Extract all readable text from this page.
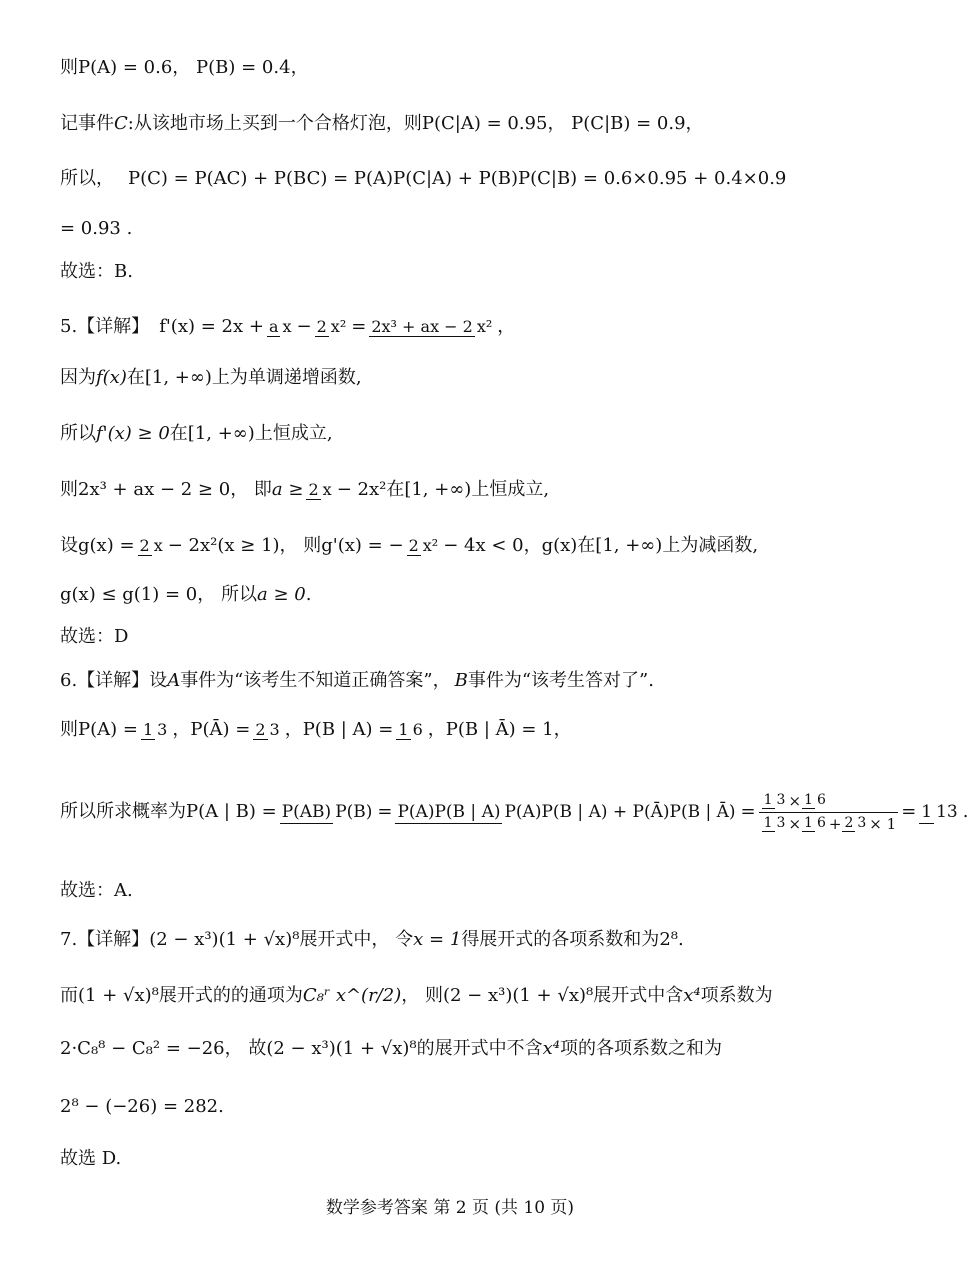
则P(A) = 0.6， P(B) = 0.4，
记事件 C :从该地市场上买到一个合格灯泡，则 P(C|A) = 0.95， P(C|B) = 0.9，
所以， P(C) = P(AC) + P(BC) = P(A)P(C|A) + P(B)P(C|B) = 0.6×0.95 + 0.4×0.9
= 0.93 .
故选：B.
5.【详解】 f'(x) = 2x + a x − 2 x² = 2x³ + ax − 2 x² ，
因为 f(x) 在 [1, +∞) 上为单调递增函数,
所以 f'(x) ≥ 0 在 [1, +∞) 上恒成立,
则 2x³ + ax − 2 ≥ 0 ， 即 a ≥ 2 x − 2x² 在 [1, +∞) 上恒成立,
设 g(x) = 2 x − 2x²(x ≥ 1) ， 则 g'(x) = − 2 x² − 4x < 0 ， g(x) 在 [1, +∞) 上为减函数,
g(x) ≤ g(1) = 0 ， 所以 a ≥ 0 .
故选：D
6.【详解】设 A 事件为“该考生不知道正确答案”， B 事件为“该考生答对了”.
则 P(A) = 1 3 ， P(Ā) = 2 3 ， P(B | A) = 1 6 ， P(B | Ā) = 1 ，
所以所求概率为 P(A | B) = P(AB) P(B) = P(A)P(B | A) P(A)P(B | A) + P(Ā)P(B | Ā) = $\frac{1 3 \times 1 6}{1 3 \times 1 6 + 2 3 \times 1} = 1$ 13 .
故选：A.
7.【详解】 (2 − x³)(1 + √x)⁸ 展开式中， 令 x = 1 得展开式的各项系数和为 2⁸.
而 (1 + √x)⁸ 展开式的的通项为 C₈ʳ x^(r/2) ， 则 (2 − x³)(1 + √x)⁸ 展开式中含 x⁴ 项系数为
2·C₈⁸ − C₈² = −26 ， 故 (2 − x³)(1 + √x)⁸ 的展开式中不含 x⁴ 项的各项系数之和为
2⁸ − (−26) = 282.
故选 D.
数学参考答案 第 2 页 (共 10 页)
